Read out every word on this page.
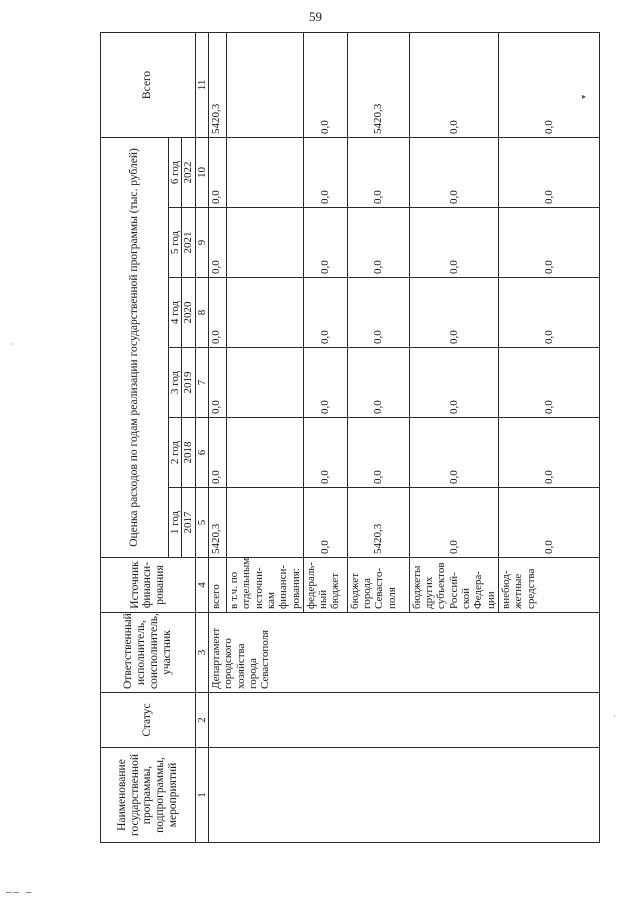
59
Наименование государственной программы, подпрограммы, мероприятий	Статус	Ответственный исполнитель, соисполнитель, участник	Источник финанси-рования	Оценка расходов по годам реализации государственной программы (тыс. рублей)						Всего
				1 год	2 год	3 год	4 год	5 год	6 год	
				2017	2018	2019	2020	2021	2022	
1	2	3	4	5	6	7	8	9	10	11
		Департамент городского хозяйства города Севастополя	всего	5420,3	0,0	0,0	0,0	0,0	0,0	5420,3
			в т.ч. по отдельным источни-кам финанси-рования:							
			федераль-ный бюджет	0,0	0,0	0,0	0,0	0,0	0,0	0,0
			бюджет города Севасто-поля	5420,3	0,0	0,0	0,0	0,0	0,0	5420,3
			бюджеты других субъектов Россий-ской Федера-ции	0,0	0,0	0,0	0,0	0,0	0,0	0,0
			внебюд-жетные средства	0,0	0,0	0,0	0,0	0,0	0,0	0,0
‒‒ ‒
▸
·
·
